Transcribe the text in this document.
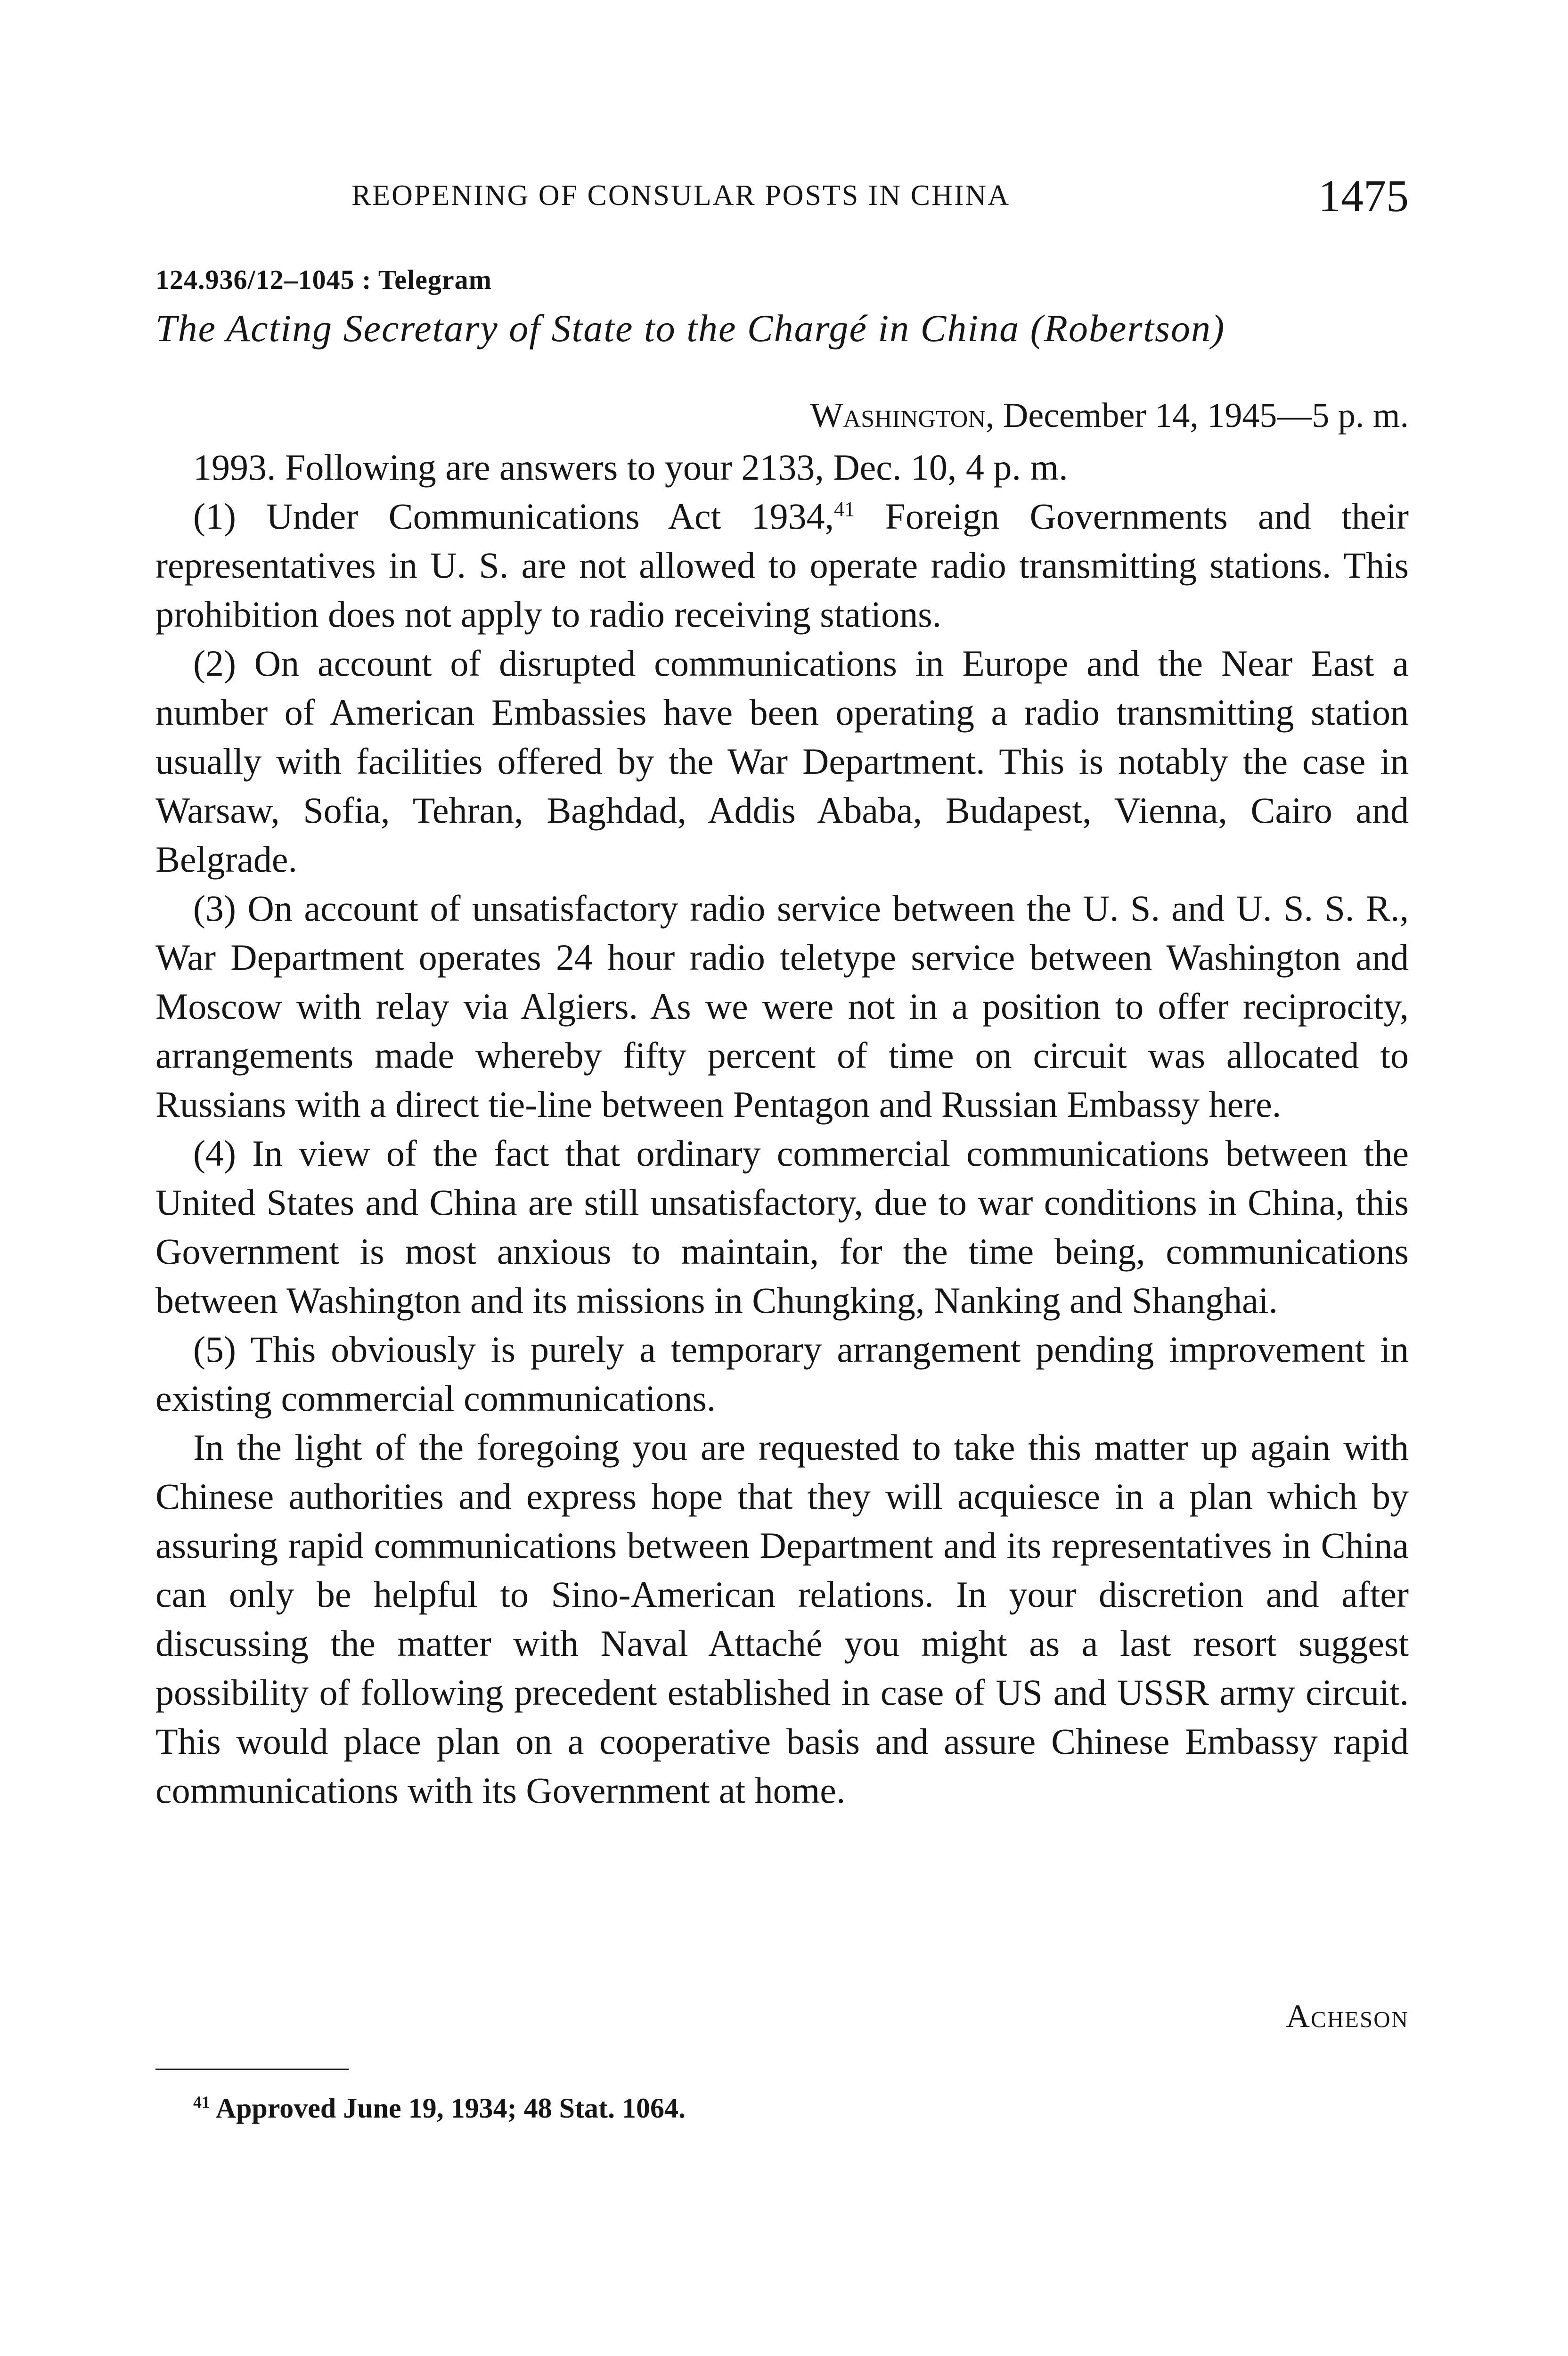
REOPENING OF CONSULAR POSTS IN CHINA	1475
124.936/12–1045 : Telegram
The Acting Secretary of State to the Chargé in China (Robertson)
Washington, December 14, 1945—5 p. m.

1993. Following are answers to your 2133, Dec. 10, 4 p. m.

(1) Under Communications Act 1934,41 Foreign Governments and their representatives in U. S. are not allowed to operate radio transmitting stations. This prohibition does not apply to radio receiving stations.

(2) On account of disrupted communications in Europe and the Near East a number of American Embassies have been operating a radio transmitting station usually with facilities offered by the War Department. This is notably the case in Warsaw, Sofia, Tehran, Baghdad, Addis Ababa, Budapest, Vienna, Cairo and Belgrade.

(3) On account of unsatisfactory radio service between the U. S. and U. S. S. R., War Department operates 24 hour radio teletype service between Washington and Moscow with relay via Algiers. As we were not in a position to offer reciprocity, arrangements made whereby fifty percent of time on circuit was allocated to Russians with a direct tie-line between Pentagon and Russian Embassy here.

(4) In view of the fact that ordinary commercial communications between the United States and China are still unsatisfactory, due to war conditions in China, this Government is most anxious to maintain, for the time being, communications between Washington and its missions in Chungking, Nanking and Shanghai.

(5) This obviously is purely a temporary arrangement pending improvement in existing commercial communications.

In the light of the foregoing you are requested to take this matter up again with Chinese authorities and express hope that they will acquiesce in a plan which by assuring rapid communications between Department and its representatives in China can only be helpful to Sino-American relations. In your discretion and after discussing the matter with Naval Attaché you might as a last resort suggest possibility of following precedent established in case of US and USSR army circuit. This would place plan on a cooperative basis and assure Chinese Embassy rapid communications with its Government at home.

Acheson
$^{41}$ Approved June 19, 1934; 48 Stat. 1064.
